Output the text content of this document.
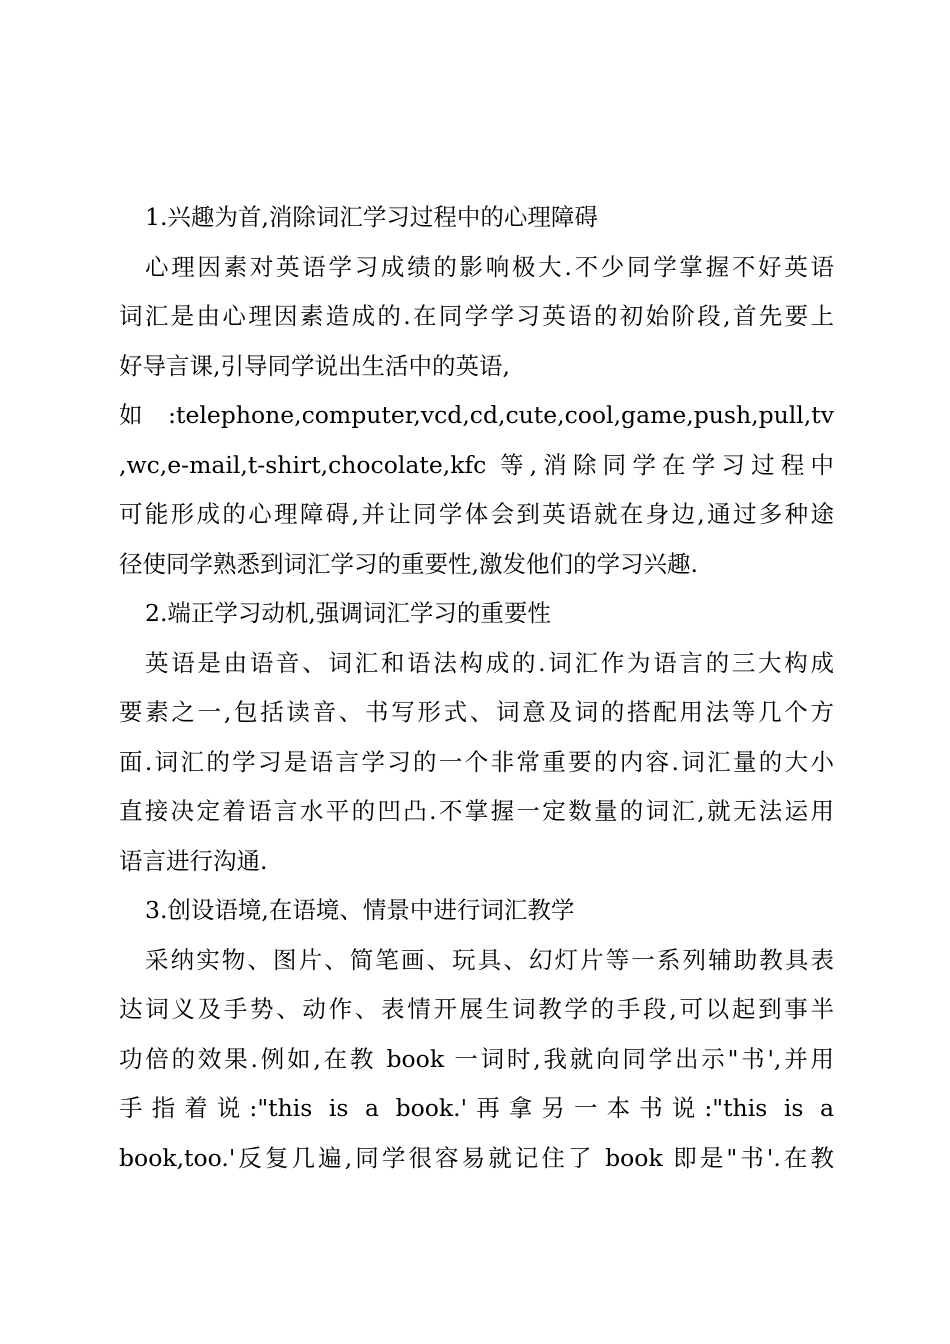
1.兴趣为首,消除词汇学习过程中的心理障碍
心理因素对英语学习成绩的影响极大.不少同学掌握不好英语
词汇是由心理因素造成的.在同学学习英语的初始阶段,首先要上
好导言课,引导同学说出生活中的英语,
如:telephone,computer,vcd,cd,cute,cool,game,push,pull,tv
,wc,e-mail,t-shirt,chocolate,kfc 等,消除同学在学习过程中
可能形成的心理障碍,并让同学体会到英语就在身边,通过多种途
径使同学熟悉到词汇学习的重要性,激发他们的学习兴趣.
2.端正学习动机,强调词汇学习的重要性
英语是由语音、词汇和语法构成的.词汇作为语言的三大构成
要素之一,包括读音、书写形式、词意及词的搭配用法等几个方
面.词汇的学习是语言学习的一个非常重要的内容.词汇量的大小
直接决定着语言水平的凹凸.不掌握一定数量的词汇,就无法运用
语言进行沟通.
3.创设语境,在语境、情景中进行词汇教学
采纳实物、图片、简笔画、玩具、幻灯片等一系列辅助教具表
达词义及手势、动作、表情开展生词教学的手段,可以起到事半
功倍的效果.例如,在教 book 一词时,我就向同学出示"书',并用
手指着说:"this is a book.'再拿另一本书说:"this is a
book,too.'反复几遍,同学很容易就记住了 book 即是"书'.在教
